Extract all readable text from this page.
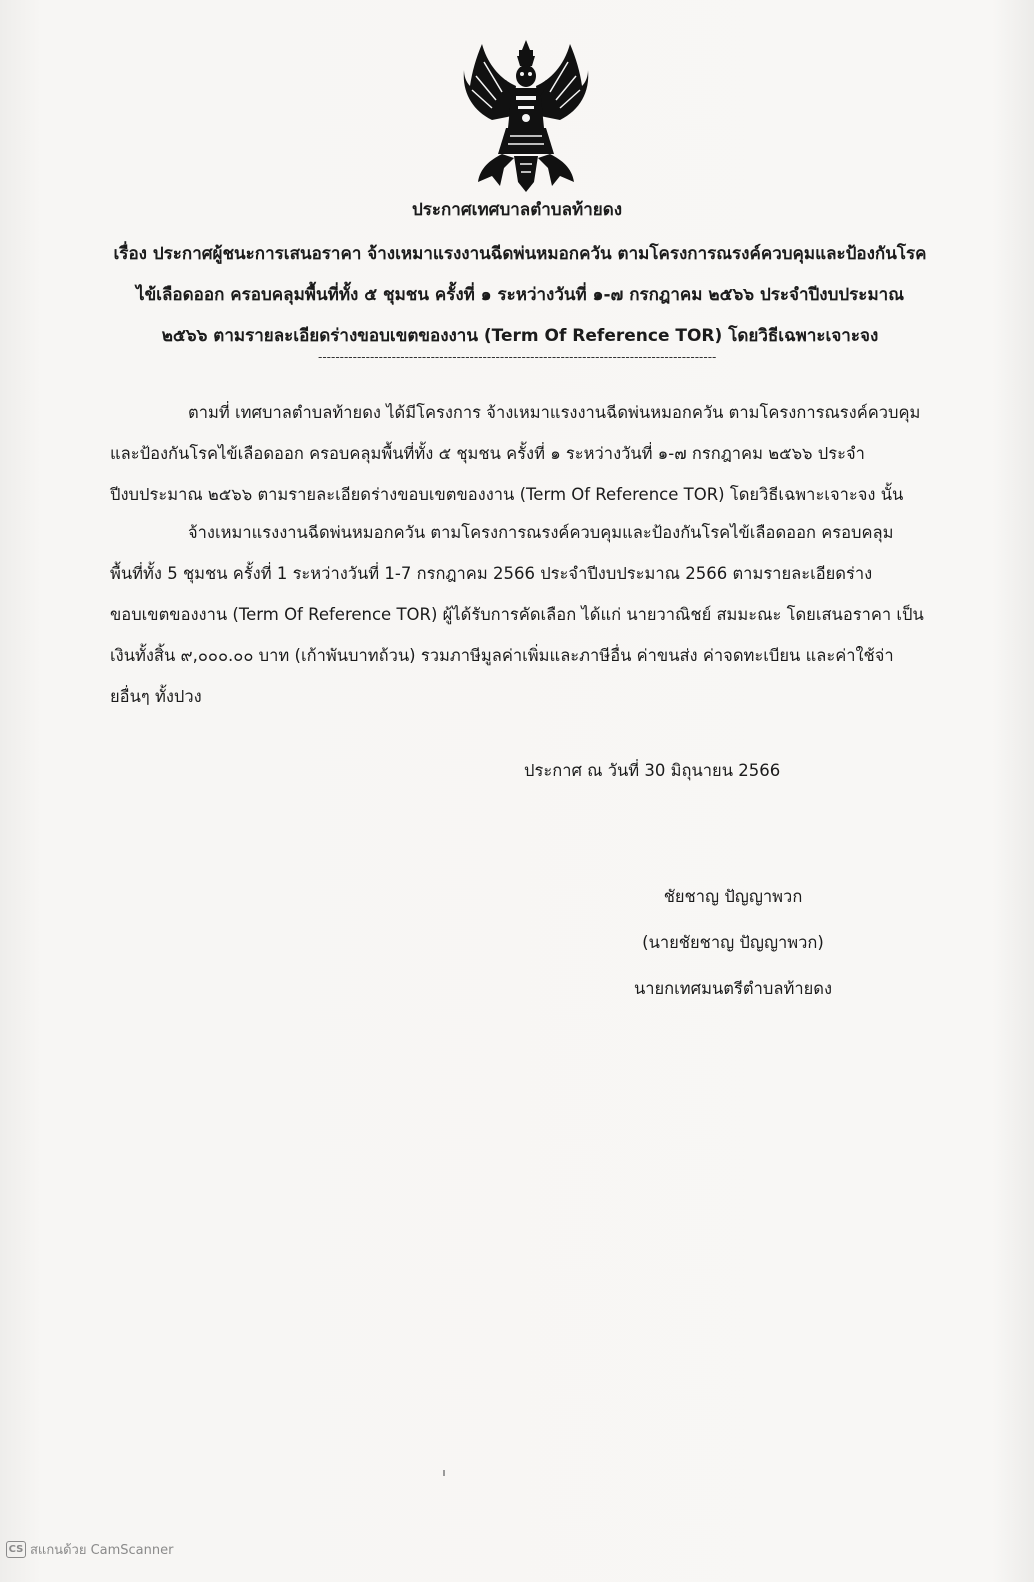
ประกาศเทศบาลตำบลท้ายดง
เรื่อง ประกาศผู้ชนะการเสนอราคา จ้างเหมาแรงงานฉีดพ่นหมอกควัน ตามโครงการณรงค์ควบคุมและป้องกันโรค
ไข้เลือดออก ครอบคลุมพื้นที่ทั้ง ๕ ชุมชน ครั้งที่ ๑ ระหว่างวันที่ ๑-๗ กรกฎาคม ๒๕๖๖ ประจำปีงบประมาณ
๒๕๖๖ ตามรายละเอียดร่างขอบเขตของงาน (Term Of Reference TOR) โดยวิธีเฉพาะเจาะจง
--------------------------------------------------------------------------------------------
ตามที่ เทศบาลตำบลท้ายดง ได้มีโครงการ จ้างเหมาแรงงานฉีดพ่นหมอกควัน ตามโครงการณรงค์ควบคุม
และป้องกันโรคไข้เลือดออก ครอบคลุมพื้นที่ทั้ง ๕ ชุมชน ครั้งที่ ๑ ระหว่างวันที่ ๑-๗ กรกฎาคม ๒๕๖๖ ประจำ
ปีงบประมาณ ๒๕๖๖ ตามรายละเอียดร่างขอบเขตของงาน (Term Of Reference TOR) โดยวิธีเฉพาะเจาะจง นั้น
จ้างเหมาแรงงานฉีดพ่นหมอกควัน ตามโครงการณรงค์ควบคุมและป้องกันโรคไข้เลือดออก ครอบคลุม
พื้นที่ทั้ง 5 ชุมชน ครั้งที่ 1 ระหว่างวันที่ 1-7 กรกฎาคม 2566 ประจำปีงบประมาณ 2566 ตามรายละเอียดร่าง
ขอบเขตของงาน (Term Of Reference TOR) ผู้ได้รับการคัดเลือก ได้แก่ นายวาณิชย์ สมมะณะ โดยเสนอราคา เป็น
เงินทั้งสิ้น ๙,๐๐๐.๐๐ บาท (เก้าพันบาทถ้วน) รวมภาษีมูลค่าเพิ่มและภาษีอื่น ค่าขนส่ง ค่าจดทะเบียน และค่าใช้จ่า
ยอื่นๆ ทั้งปวง
ประกาศ ณ วันที่ 30 มิถุนายน 2566
ชัยชาญ ปัญญาพวก
(นายชัยชาญ ปัญญาพวก)
นายกเทศมนตรีตำบลท้ายดง
CS สแกนด้วย CamScanner
